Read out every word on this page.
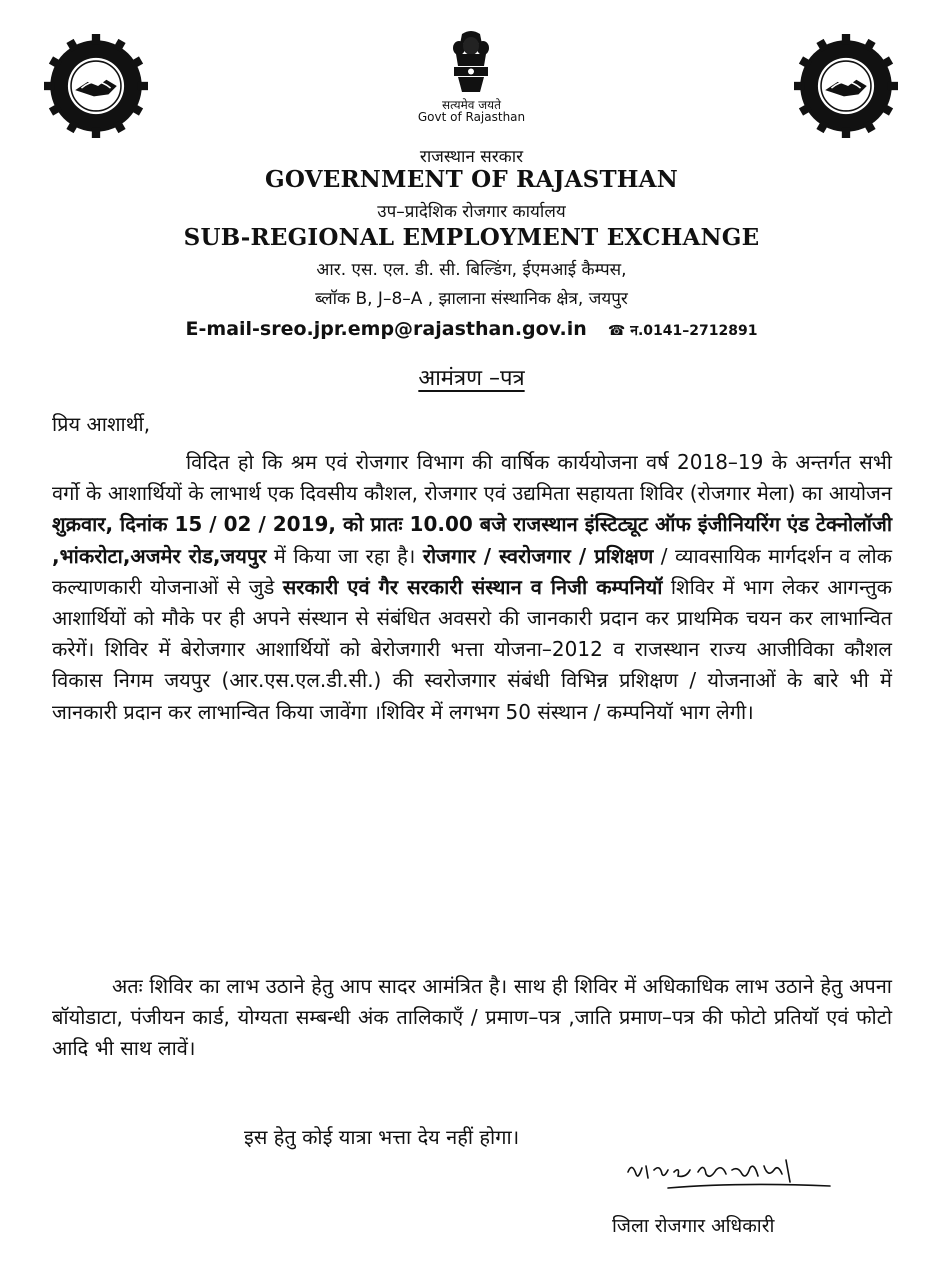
सत्यमेव जयते
Govt of Rajasthan
राजस्थान सरकार
GOVERNMENT OF RAJASTHAN
उप–प्रादेशिक रोजगार कार्यालय
SUB-REGIONAL EMPLOYMENT EXCHANGE
आर. एस. एल. डी. सी. बिल्डिंग, ईएमआई कैम्पस,
ब्लॉक B, J–8–A , झालाना संस्थानिक क्षेत्र, जयपुर
E-mail-sreo.jpr.emp@rajasthan.gov.in ☎ न.0141–2712891
आमंत्रण –पत्र
प्रिय आशार्थी,
विदित हो कि श्रम एवं रोजगार विभाग की वार्षिक कार्ययोजना वर्ष 2018–19 के अन्तर्गत सभी वर्गो के आशार्थियों के लाभार्थ एक दिवसीय कौशल, रोजगार एवं उद्यमिता सहायता शिविर (रोजगार मेला) का आयोजन शुक्रवार, दिनांक 15 / 02 / 2019, को प्रातः 10.00 बजे राजस्थान इंस्टिट्यूट ऑफ इंजीनियरिंग एंड टेक्नोलॉजी ,भांकरोटा,अजमेर रोड,जयपुर में किया जा रहा है। रोजगार / स्वरोजगार / प्रशिक्षण / व्यावसायिक मार्गदर्शन व लोक कल्याणकारी योजनाओं से जुडे सरकारी एवं गैर सरकारी संस्थान व निजी कम्पनियॉ शिविर में भाग लेकर आगन्तुक आशार्थियों को मौके पर ही अपने संस्थान से संबंधित अवसरो की जानकारी प्रदान कर प्राथमिक चयन कर लाभान्वित करेगें। शिविर में बेरोजगार आशार्थियों को बेरोजगारी भत्ता योजना–2012 व राजस्थान राज्य आजीविका कौशल विकास निगम जयपुर (आर.एस.एल.डी.सी.) की स्वरोजगार संबंधी विभिन्न प्रशिक्षण / योजनाओं के बारे भी में जानकारी प्रदान कर लाभान्वित किया जावेंगा ।शिविर में लगभग 50 संस्थान / कम्पनियॉ भाग लेगी।
अतः शिविर का लाभ उठाने हेतु आप सादर आमंत्रित है। साथ ही शिविर में अधिकाधिक लाभ उठाने हेतु अपना बॉयोडाटा, पंजीयन कार्ड, योग्यता सम्बन्धी अंक तालिकाएँ / प्रमाण–पत्र ,जाति प्रमाण–पत्र की फोटो प्रतियॉ एवं फोटो आदि भी साथ लावें।
इस हेतु कोई यात्रा भत्ता देय नहीं होगा।
जिला रोजगार अधिकारी
